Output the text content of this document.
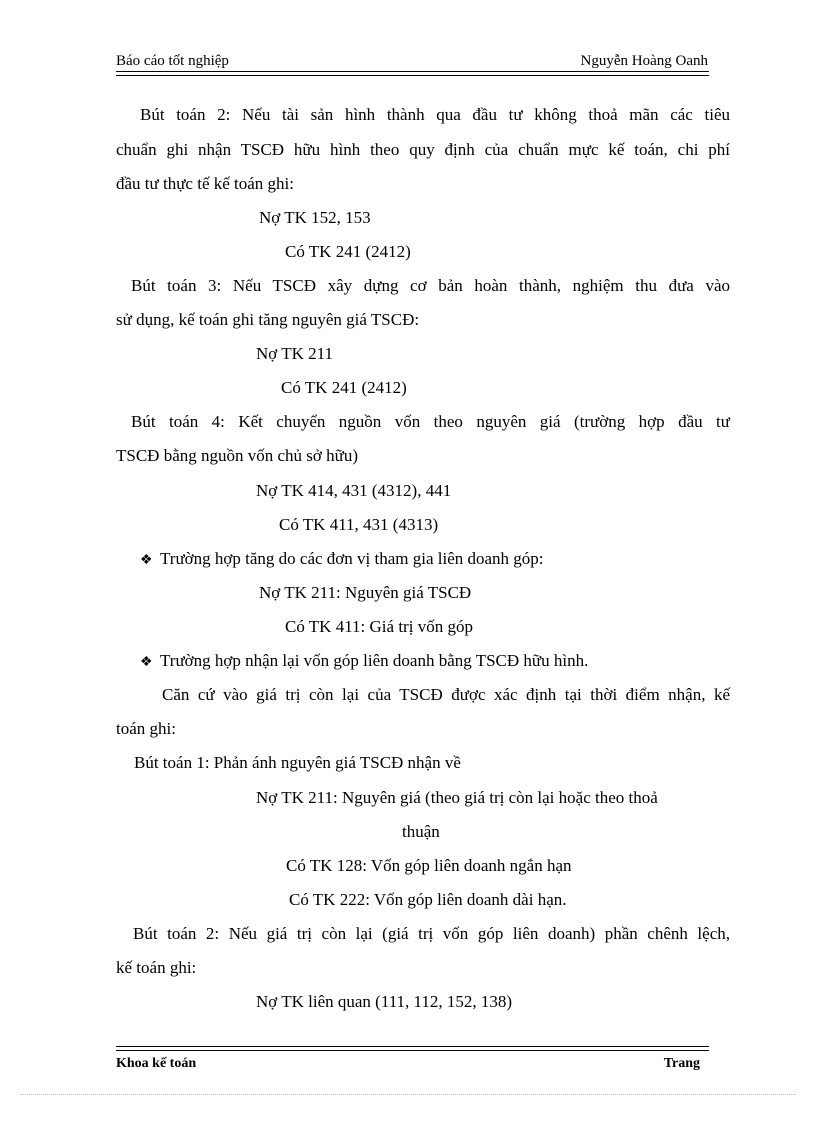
Báo cáo tốt nghiệp	Nguyễn Hoàng Oanh
Bút toán 2: Nếu tài sản hình thành qua đầu tư không thoả mãn các tiêu
chuẩn ghi nhận TSCĐ hữu hình theo quy định của chuẩn mực kế toán, chi phí
đầu tư thực tế kế toán ghi:
Nợ TK 152, 153
Có TK 241 (2412)
Bút toán 3: Nếu TSCĐ xây dựng cơ bản hoàn thành, nghiệm thu đưa vào
sử dụng, kế toán ghi tăng nguyên giá TSCĐ:
Nợ TK 211
Có TK 241 (2412)
Bút toán 4: Kết chuyển nguồn vốn theo nguyên giá (trường hợp đầu tư
TSCĐ bằng nguồn vốn chủ sở hữu)
Nợ TK 414, 431 (4312), 441
Có TK 411, 431 (4313)
❖ Trường hợp tăng do các đơn vị tham gia liên doanh góp:
Nợ TK 211: Nguyên giá TSCĐ
Có TK 411: Giá trị vốn góp
❖ Trường hợp nhận lại vốn góp liên doanh bằng TSCĐ hữu hình.
Căn cứ vào giá trị còn lại của TSCĐ được xác định tại thời điểm nhận, kế
toán ghi:
Bút toán 1: Phản ánh nguyên giá TSCĐ nhận về
Nợ TK 211: Nguyên giá (theo giá trị còn lại hoặc theo thoả
thuận
Có TK 128: Vốn góp liên doanh ngắn hạn
Có TK 222: Vốn góp liên doanh dài hạn.
Bút toán 2: Nếu giá trị còn lại (giá trị vốn góp liên doanh) phần chênh lệch,
kế toán ghi:
Nợ TK liên quan (111, 112, 152, 138)
Khoa kế toán	Trang
